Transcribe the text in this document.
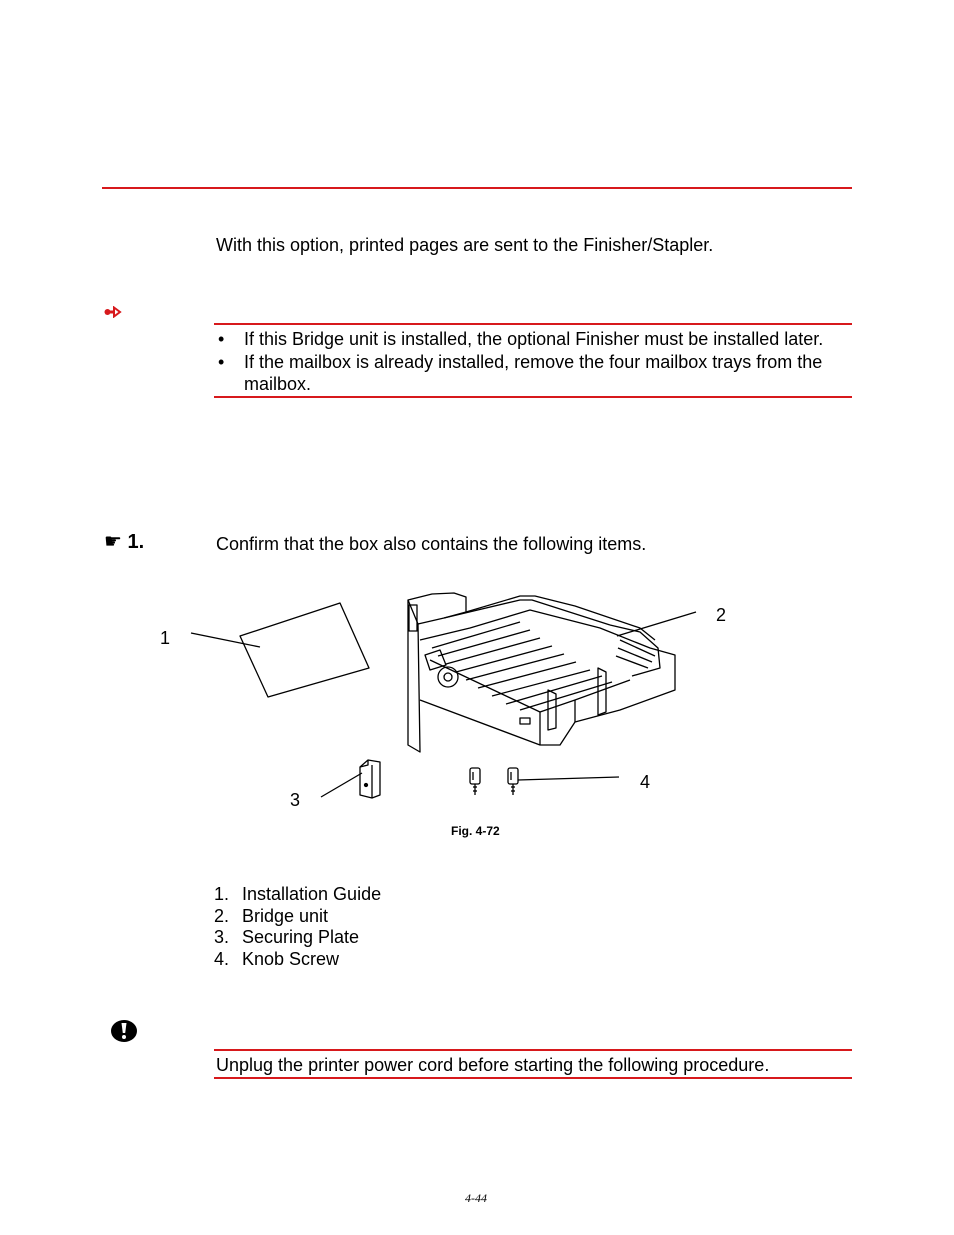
With this option, printed pages are sent to the Finisher/Stapler.
• If this Bridge unit is installed, the optional Finisher must be installed later.
• If the mailbox is already installed, remove the four mailbox trays from the mailbox.
☛ 1.	Confirm that the box also contains the following items.
1
2
3
4
Fig. 4-72
1. Installation Guide
2. Bridge unit
3. Securing Plate
4. Knob Screw
Unplug the printer power cord before starting the following procedure.
4-44
